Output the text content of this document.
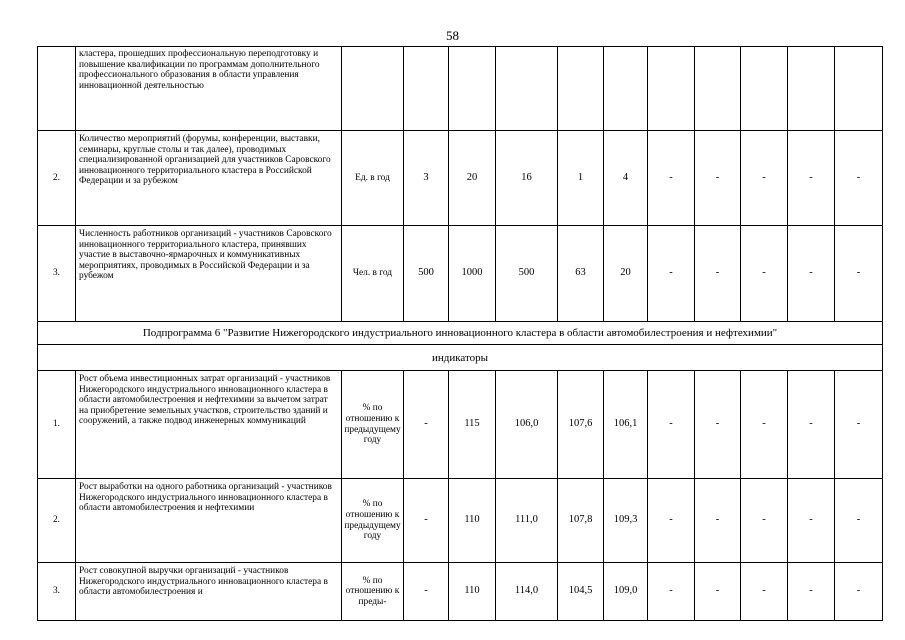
58
	кластера, прошедших профессиональную переподготовку и повышение квалификации по программам дополнительного профессионального образования в области управления инновационной деятельностью											
2.	Количество мероприятий (форумы, конференции, выставки, семинары, круглые столы и так далее), проводимых специализированной организацией для участников Саровского инновационного территориального кластера в Российской Федерации и за рубежом	Ед. в год	3	20	16	1	4	-	-	-	-	-
3.	Численность работников организаций - участников Саровского инновационного территориального кластера, принявших участие в выставочно-ярмарочных и коммуникативных мероприятиях, проводимых в Российской Федерации и за рубежом	Чел. в год	500	1000	500	63	20	-	-	-	-	-
Подпрограмма 6 "Развитие Нижегородского индустриального инновационного кластера в области автомобилестроения и нефтехимии"												
индикаторы												
1.	Рост объема инвестиционных затрат организаций - участников Нижегородского индустриального инновационного кластера в области автомобилестроения и нефтехимии за вычетом затрат на приобретение земельных участков, строительство зданий и сооружений, а также подвод инженерных коммуникаций	% по отношению к предыдущему году	-	115	106,0	107,6	106,1	-	-	-	-	-
2.	Рост выработки на одного работника организаций - участников Нижегородского индустриального инновационного кластера в области автомобилестроения и нефтехимии	% по отношению к предыдущему году	-	110	111,0	107,8	109,3	-	-	-	-	-
3.	Рост совокупной выручки организаций - участников Нижегородского индустриального инновационного кластера в области автомобилестроения и	% по отношению к преды-	-	110	114,0	104,5	109,0	-	-	-	-	-
